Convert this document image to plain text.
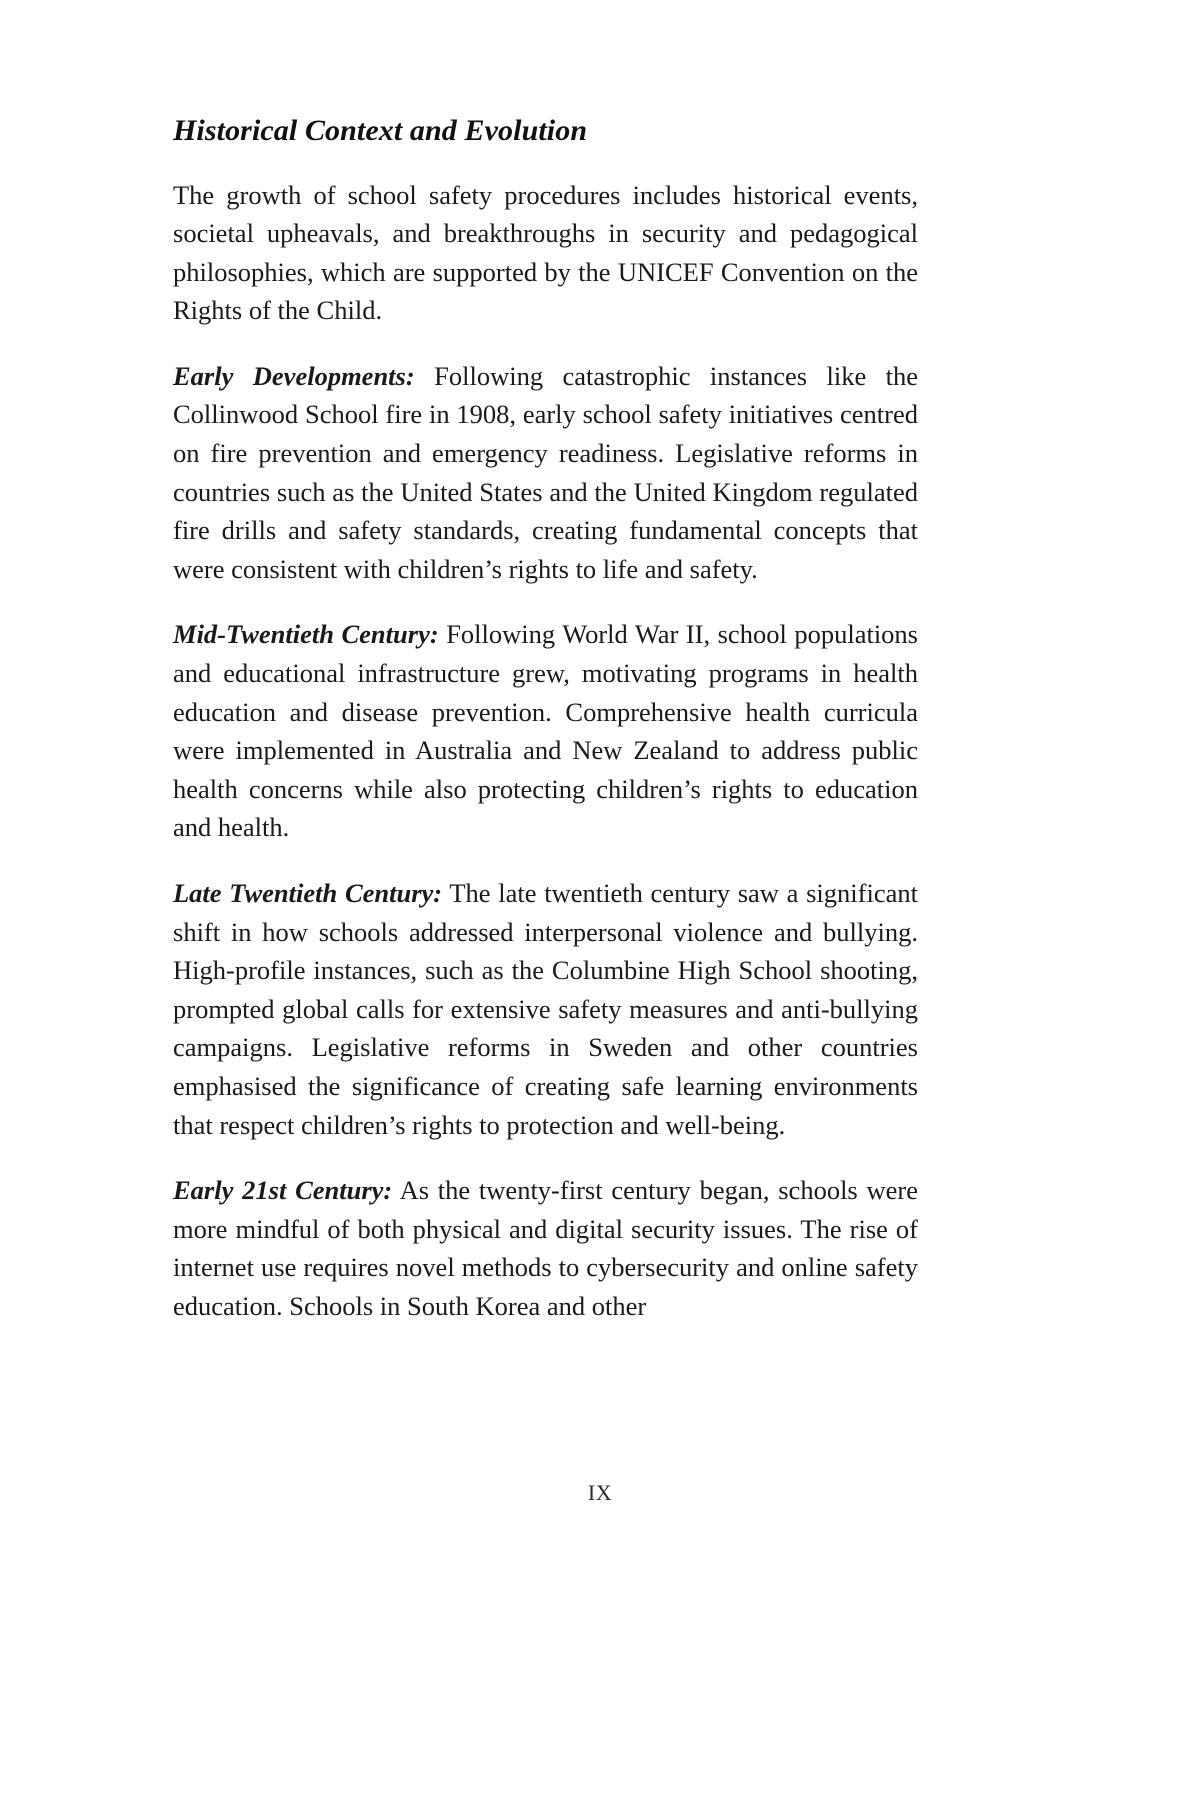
Historical Context and Evolution

The growth of school safety procedures includes historical events, societal upheavals, and breakthroughs in security and pedagogical philosophies, which are supported by the UNICEF Convention on the Rights of the Child.

Early Developments: Following catastrophic instances like the Collinwood School fire in 1908, early school safety initiatives centred on fire prevention and emergency readiness. Legislative reforms in countries such as the United States and the United Kingdom regulated fire drills and safety standards, creating fundamental concepts that were consistent with children’s rights to life and safety.

Mid-Twentieth Century: Following World War II, school populations and educational infrastructure grew, motivating programs in health education and disease prevention. Comprehensive health curricula were implemented in Australia and New Zealand to address public health concerns while also protecting children’s rights to education and health.

Late Twentieth Century: The late twentieth century saw a significant shift in how schools addressed interpersonal violence and bullying. High-profile instances, such as the Columbine High School shooting, prompted global calls for extensive safety measures and anti-bullying campaigns. Legislative reforms in Sweden and other countries emphasised the significance of creating safe learning environments that respect children’s rights to protection and well-being.

Early 21st Century: As the twenty-first century began, schools were more mindful of both physical and digital security issues. The rise of internet use requires novel methods to cybersecurity and online safety education. Schools in South Korea and other

IX
